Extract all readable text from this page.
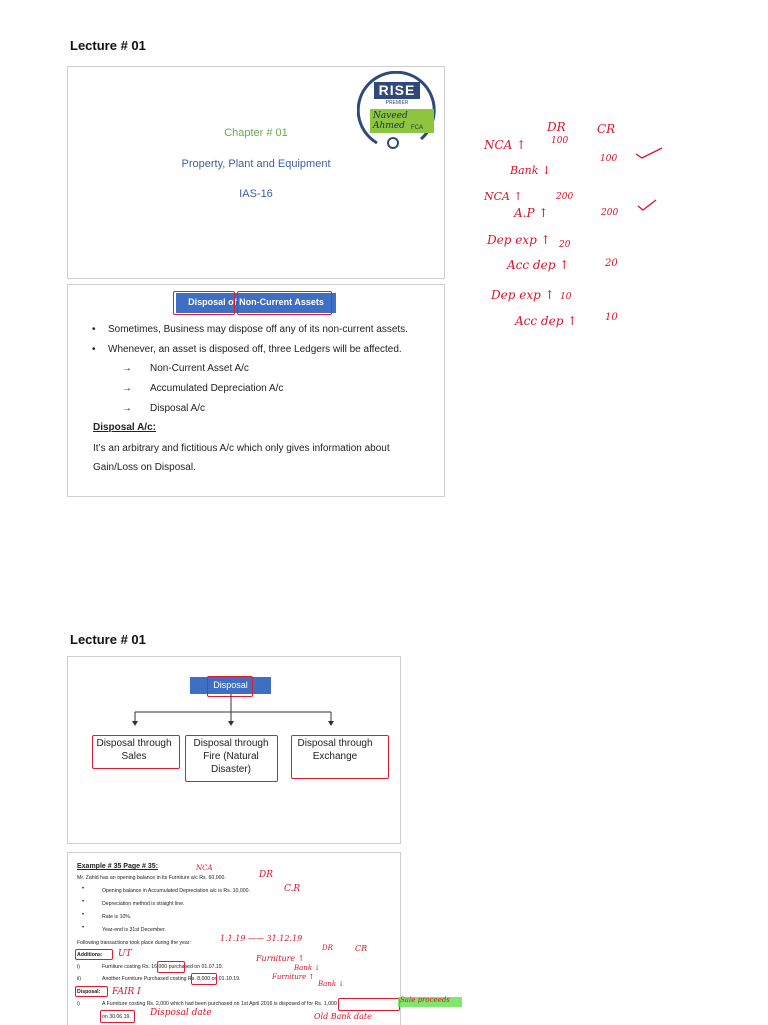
Lecture # 01
RISE
PREMIER
Naveed Ahmed	FCA
Chapter # 01
Property, Plant and Equipment
IAS-16
Disposal of Non-Current Assets
• Sometimes, Business may dispose off any of its non-current assets.
• Whenever, an asset is disposed off, three Ledgers will be affected.
→ Non-Current Asset A/c
→ Accumulated Depreciation A/c
→ Disposal A/c
Disposal A/c:
It’s an arbitrary and fictitious A/c which only gives information about
Gain/Loss on Disposal.
DR	CR
NCA ↑	100
Bank ↓
100
NCA ↑	200
A.P ↑	200
Dep exp ↑ 20
Acc dep ↑	20
Dep exp ↑ 10
Acc dep ↑	10
Lecture # 01
Disposal
Disposal through Sales
Disposal through Fire (Natural Disaster)
Disposal through Exchange
Example # 35 Page # 35:
Mr. Zahid has an opening balance in its Furniture a/c Rs. 60,000.
•	Opening balance in Accumulated Depreciation a/c is Rs. 10,000.
•	Depreciation method is straight line.
•	Rate is 10%.
•	Year-end is 31st December.
Following transactions took place during the year:
Additions:
i)	Furniture costing Rs. 16,000 purchased on 01.07.19.
ii)	Another Furniture Purchased costing Rs. 8,000 on 01.10.19.
Disposal:
i)	A Furniture costing Rs. 2,000 which had been purchased on 1st April 2016 is disposed of for Rs. 1,000
on 30.06.19.
NCA
DR
C.R
1.1.19 —— 31.12.19
DR	CR
UT	Furniture ↑
Bank ↓
Furniture ↑
Bank ↓
FAIR I
Sale proceeds
Disposal date	Old Bank date
